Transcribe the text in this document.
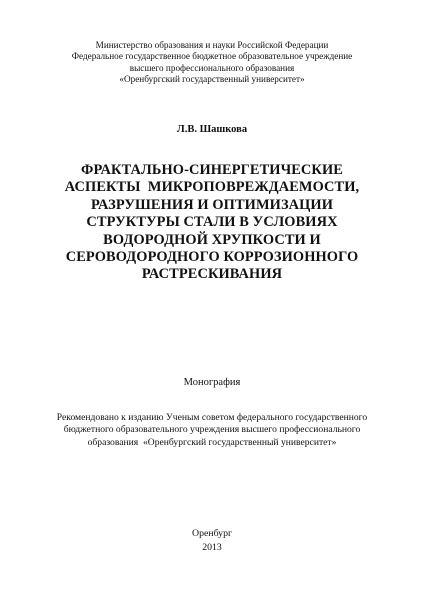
Министерство образования и науки Российской Федерации
Федеральное государственное бюджетное образовательное учреждение
высшего профессионального образования
«Оренбургский государственный университет»
Л.В. Шашкова
ФРАКТАЛЬНО-СИНЕРГЕТИЧЕСКИЕ
АСПЕКТЫ  МИКРОПОВРЕЖДАЕМОСТИ,
РАЗРУШЕНИЯ И ОПТИМИЗАЦИИ
СТРУКТУРЫ СТАЛИ В УСЛОВИЯХ
ВОДОРОДНОЙ ХРУПКОСТИ И
СЕРОВОДОРОДНОГО КОРРОЗИОННОГО
РАСТРЕСКИВАНИЯ
Монография
Рекомендовано к изданию Ученым советом федерального государственного
бюджетного образовательного учреждения высшего профессионального
образования  «Оренбургский государственный университет»
Оренбург
2013
